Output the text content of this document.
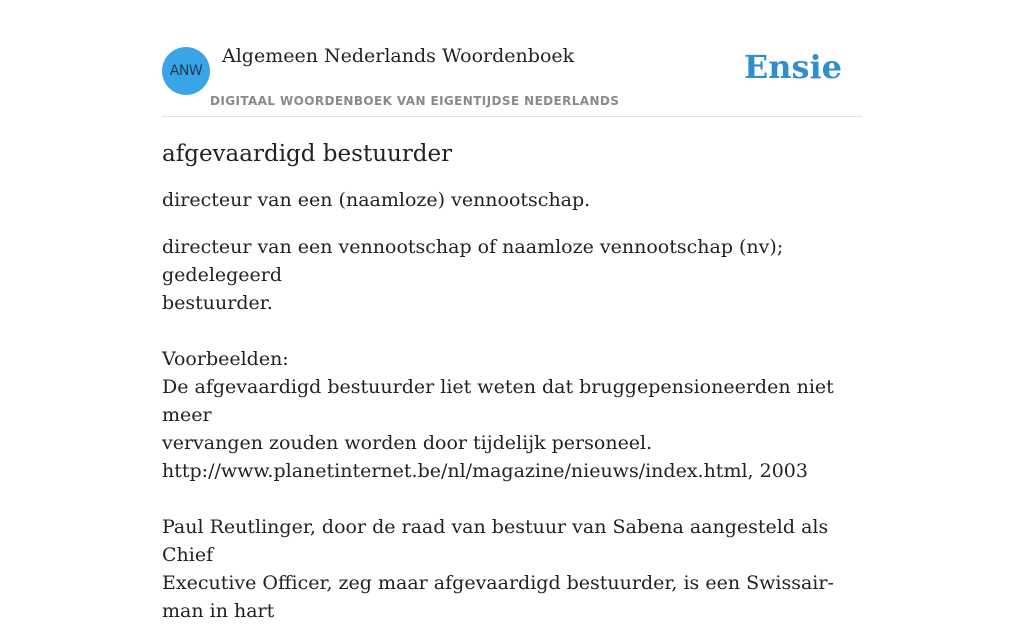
ANW
Algemeen Nederlands Woordenboek
DIGITAAL WOORDENBOEK VAN EIGENTIJDSE NEDERLANDS
Ensie
afgevaardigd bestuurder

directeur van een (naamloze) vennootschap.

directeur van een vennootschap of naamloze vennootschap (nv); gedelegeerd
bestuurder.

Voorbeelden:
De afgevaardigd bestuurder liet weten dat bruggepensioneerden niet meer
vervangen zouden worden door tijdelijk personeel.
http://www.planetinternet.be/nl/magazine/nieuws/index.html, 2003
Paul Reutlinger, door de raad van bestuur van Sabena aangesteld als Chief
Executive Officer, zeg maar afgevaardigd bestuurder, is een Swissair-man in hart
